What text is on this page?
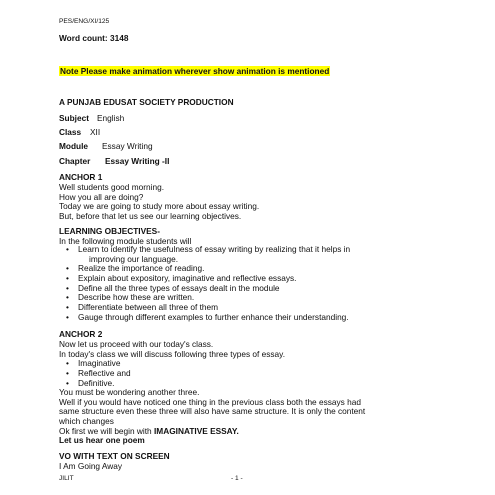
PES/ENG/XI/125
Word count: 3148
Note Please make animation wherever show animation is mentioned
A PUNJAB EDUSAT SOCIETY PRODUCTION
Subject English
Class XII
Module Essay Writing
Chapter Essay Writing -II
ANCHOR 1
Well students good morning.
How you all are doing?
Today we are going to study more about essay writing.
But, before that let us see our learning objectives.
LEARNING OBJECTIVES-
In the following module students will
• Learn to identify the usefulness of essay writing by realizing that it helps in
improving our language.
• Realize the importance of reading.
• Explain about expository, imaginative and reflective essays.
• Define all the three types of essays dealt in the module
• Describe how these are written.
• Differentiate between all three of them
• Gauge through different examples to further enhance their understanding.
ANCHOR 2
Now let us proceed with our today's class.
In today's class we will discuss following three types of essay.
• Imaginative
• Reflective and
• Definitive.
You must be wondering another three.
Well if you would have noticed one thing in the previous class both the essays had
same structure even these three will also have same structure. It is only the content
which changes
Ok first we will begin with IMAGINATIVE ESSAY.
Let us hear one poem
VO WITH TEXT ON SCREEN
I Am Going Away
JILIT	- 1 -
